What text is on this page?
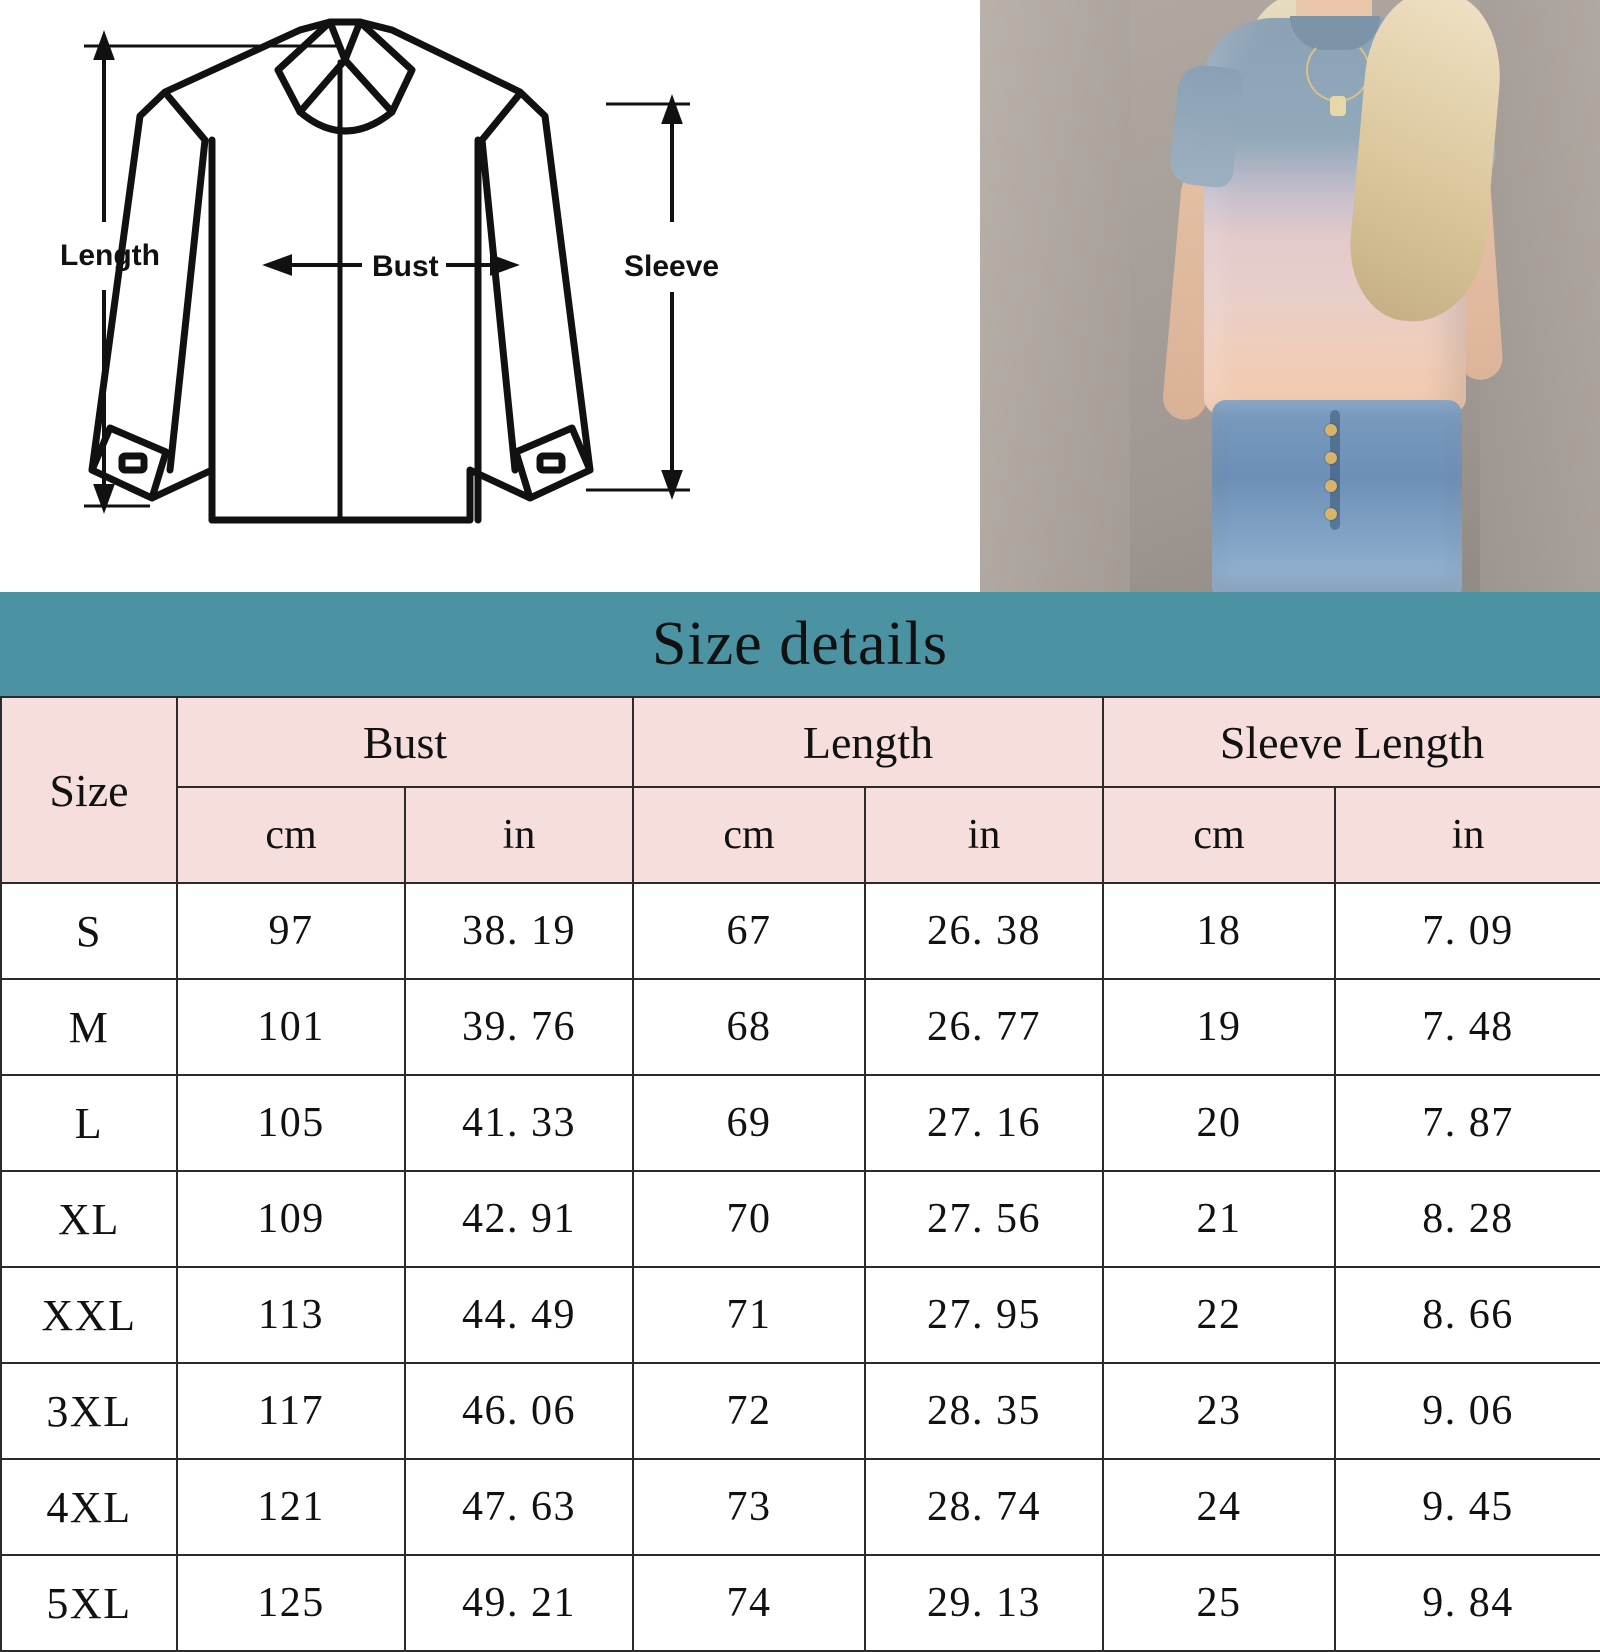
Length	Bust	Sleeve
Size details
Size	Bust		Length		Sleeve Length	
	cm	in	cm	in	cm	in
S	97	38. 19	67	26. 38	18	7. 09
M	101	39. 76	68	26. 77	19	7. 48
L	105	41. 33	69	27. 16	20	7. 87
XL	109	42. 91	70	27. 56	21	8. 28
XXL	113	44. 49	71	27. 95	22	8. 66
3XL	117	46. 06	72	28. 35	23	9. 06
4XL	121	47. 63	73	28. 74	24	9. 45
5XL	125	49. 21	74	29. 13	25	9. 84
